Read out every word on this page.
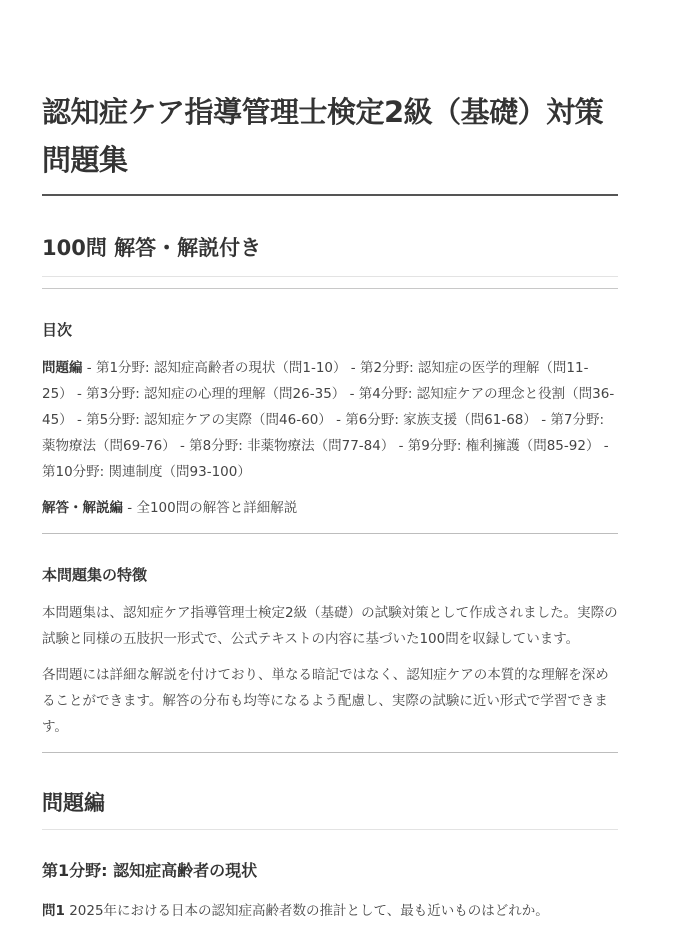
認知症ケア指導管理士検定2級（基礎）対策問題集
100問 解答・解説付き
目次

問題編 - 第1分野: 認知症高齢者の現状（問1-10） - 第2分野: 認知症の医学的理解（問11-25） - 第3分野: 認知症の心理的理解（問26-35） - 第4分野: 認知症ケアの理念と役割（問36-45） - 第5分野: 認知症ケアの実際（問46-60） - 第6分野: 家族支援（問61-68） - 第7分野: 薬物療法（問69-76） - 第8分野: 非薬物療法（問77-84） - 第9分野: 権利擁護（問85-92） - 第10分野: 関連制度（問93-100）

解答・解説編 - 全100問の解答と詳細解説

本問題集の特徴

本問題集は、認知症ケア指導管理士検定2級（基礎）の試験対策として作成されました。実際の試験と同様の五肢択一形式で、公式テキストの内容に基づいた100問を収録しています。

各問題には詳細な解説を付けており、単なる暗記ではなく、認知症ケアの本質的な理解を深めることができます。解答の分布も均等になるよう配慮し、実際の試験に近い形式で学習できます。

問題編
第1分野: 認知症高齢者の現状

問1 2025年における日本の認知症高齢者数の推計として、最も近いものはどれか。
